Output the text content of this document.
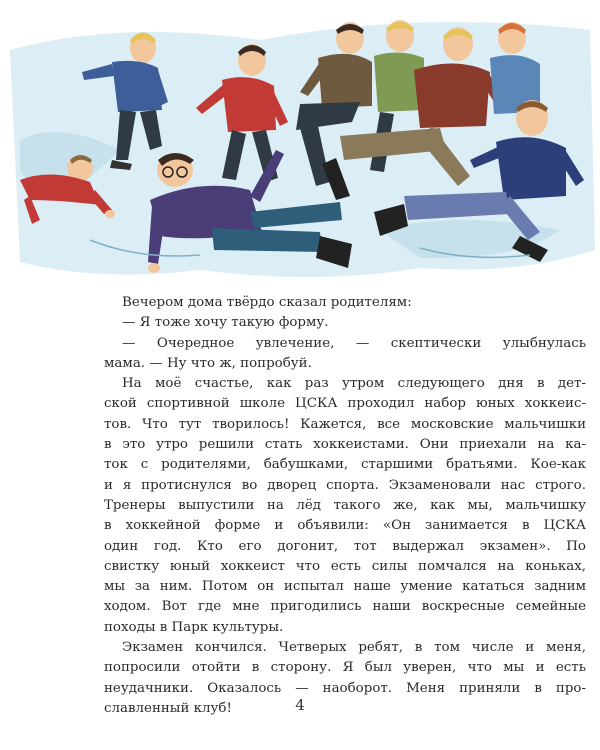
Вечером дома твёрдо сказал родителям:
— Я тоже хочу такую форму.
— Очередное увлечение, — скептически улыбнулась
мама. — Ну что ж, попробуй.
На моё счастье, как раз утром следующего дня в дет-
ской спортивной школе ЦСКА проходил набор юных хоккеис-
тов. Что тут творилось! Кажется, все московские мальчишки
в это утро решили стать хоккеистами. Они приехали на ка-
ток с родителями, бабушками, старшими братьями. Кое-как
и я протиснулся во дворец спорта. Экзаменовали нас строго.
Тренеры выпустили на лёд такого же, как мы, мальчишку
в хоккейной форме и объявили: «Он занимается в ЦСКА
один год. Кто его догонит, тот выдержал экзамен». По
свистку юный хоккеист что есть силы помчался на коньках,
мы за ним. Потом он испытал наше умение кататься задним
ходом. Вот где мне пригодились наши воскресные семейные
походы в Парк культуры.
Экзамен кончился. Четверых ребят, в том числе и меня,
попросили отойти в сторону. Я был уверен, что мы и есть
неудачники. Оказалось — наоборот. Меня приняли в про-
славленный клуб!	4
